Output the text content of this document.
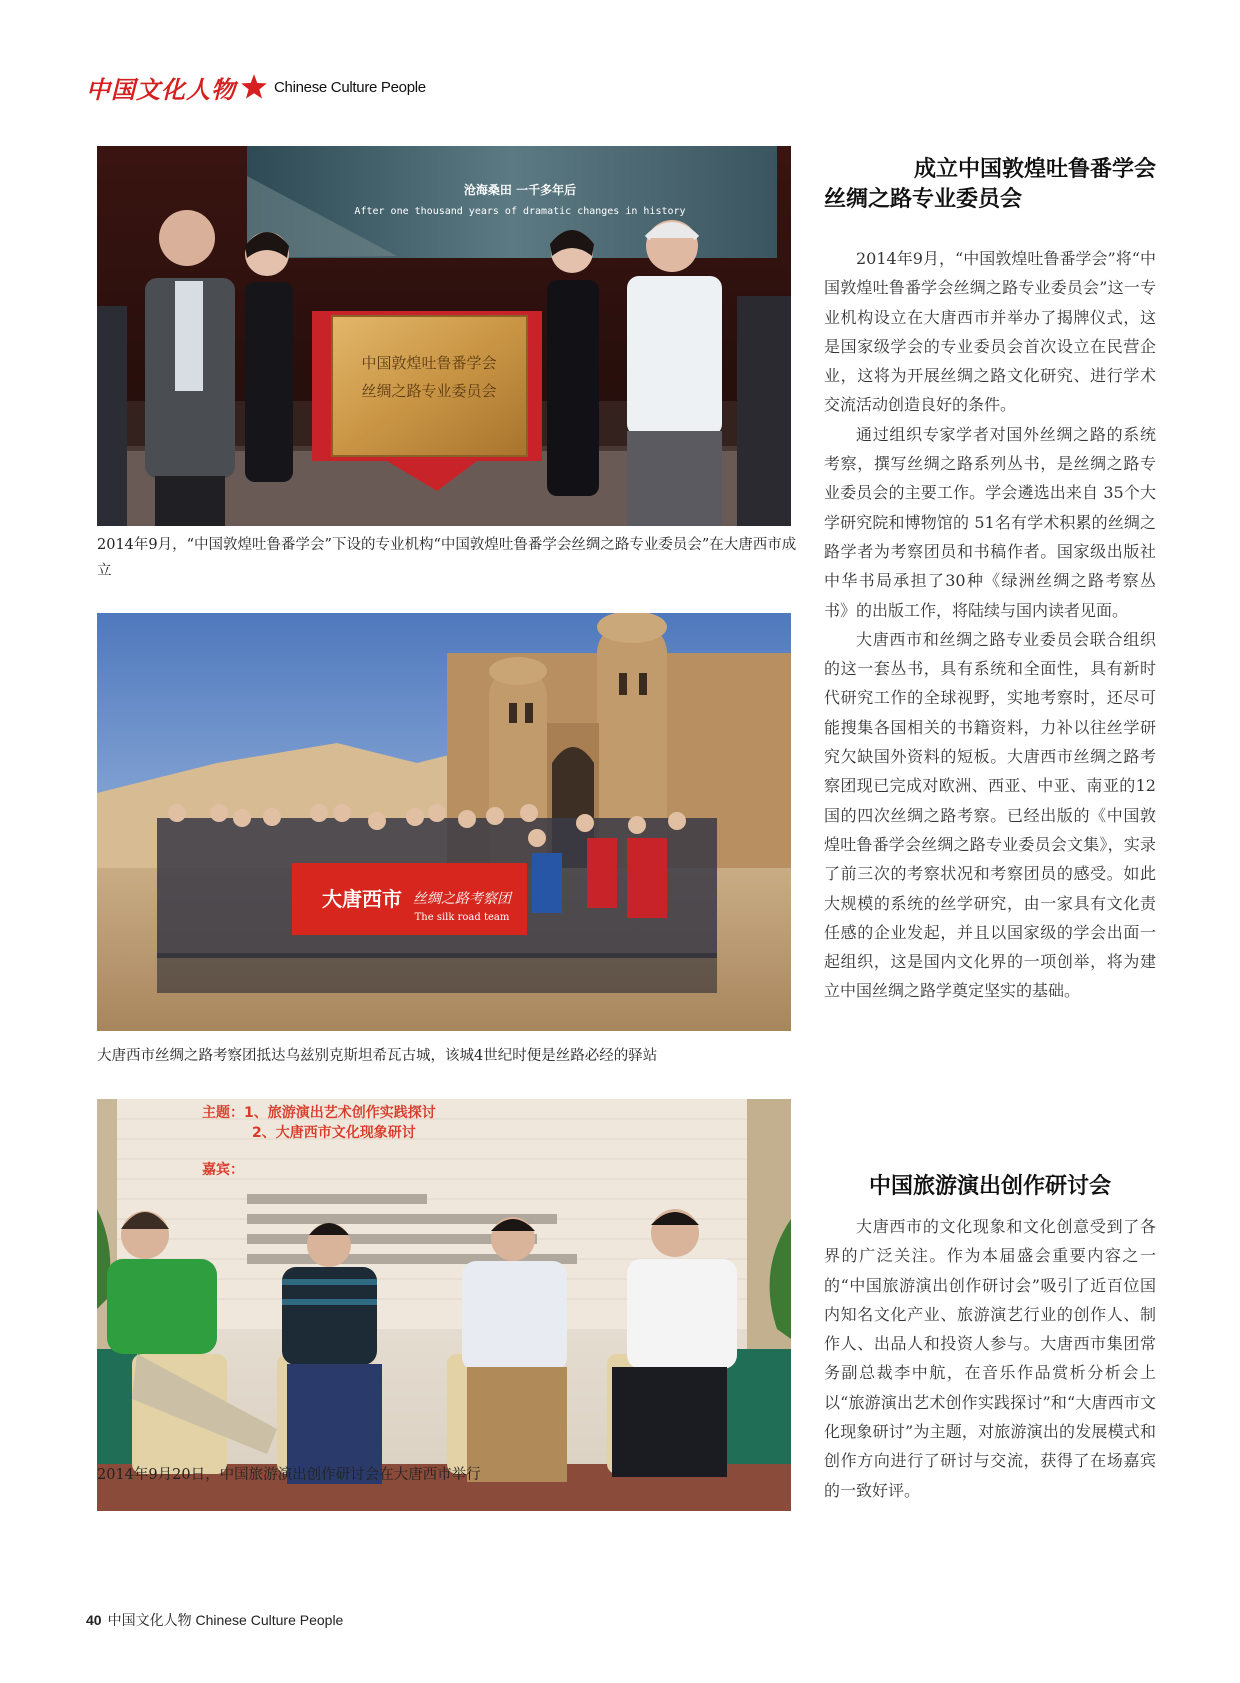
中国文化人物	Chinese Culture People
中国敦煌吐鲁番学会
丝绸之路专业委员会
沧海桑田 一千多年后
After one thousand years of dramatic changes in history
2014年9月，“中国敦煌吐鲁番学会”下设的专业机构“中国敦煌吐鲁番学会丝绸之路专业委员会”在大唐西市成立
大唐西市 丝绸之路考察团
The silk road team
大唐西市丝绸之路考察团抵达乌兹别克斯坦希瓦古城，该城4世纪时便是丝路必经的驿站
主题：1、旅游演出艺术创作实践探讨
2、大唐西市文化现象研讨
嘉宾：
2014年9月20日，中国旅游演出创作研讨会在大唐西市举行
成立中国敦煌吐鲁番学会
丝绸之路专业委员会

2014年9月，“中国敦煌吐鲁番学会”将“中国敦煌吐鲁番学会丝绸之路专业委员会”这一专业机构设立在大唐西市并举办了揭牌仪式，这是国家级学会的专业委员会首次设立在民营企业，这将为开展丝绸之路文化研究、进行学术交流活动创造良好的条件。

通过组织专家学者对国外丝绸之路的系统考察，撰写丝绸之路系列丛书，是丝绸之路专业委员会的主要工作。学会遴选出来自 35个大学研究院和博物馆的 51名有学术积累的丝绸之路学者为考察团员和书稿作者。国家级出版社中华书局承担了30种《绿洲丝绸之路考察丛书》的出版工作，将陆续与国内读者见面。

大唐西市和丝绸之路专业委员会联合组织的这一套丛书，具有系统和全面性，具有新时代研究工作的全球视野，实地考察时，还尽可能搜集各国相关的书籍资料，力补以往丝学研究欠缺国外资料的短板。大唐西市丝绸之路考察团现已完成对欧洲、西亚、中亚、南亚的12国的四次丝绸之路考察。已经出版的《中国敦煌吐鲁番学会丝绸之路专业委员会文集》，实录了前三次的考察状况和考察团员的感受。如此大规模的系统的丝学研究，由一家具有文化责任感的企业发起，并且以国家级的学会出面一起组织，这是国内文化界的一项创举，将为建立中国丝绸之路学奠定坚实的基础。

中国旅游演出创作研讨会

大唐西市的文化现象和文化创意受到了各界的广泛关注。作为本届盛会重要内容之一的“中国旅游演出创作研讨会”吸引了近百位国内知名文化产业、旅游演艺行业的创作人、制作人、出品人和投资人参与。大唐西市集团常务副总裁李中航，在音乐作品赏析分析会上以“旅游演出艺术创作实践探讨”和“大唐西市文化现象研讨”为主题，对旅游演出的发展模式和创作方向进行了研讨与交流，获得了在场嘉宾的一致好评。

40 中国文化人物 Chinese Culture People
